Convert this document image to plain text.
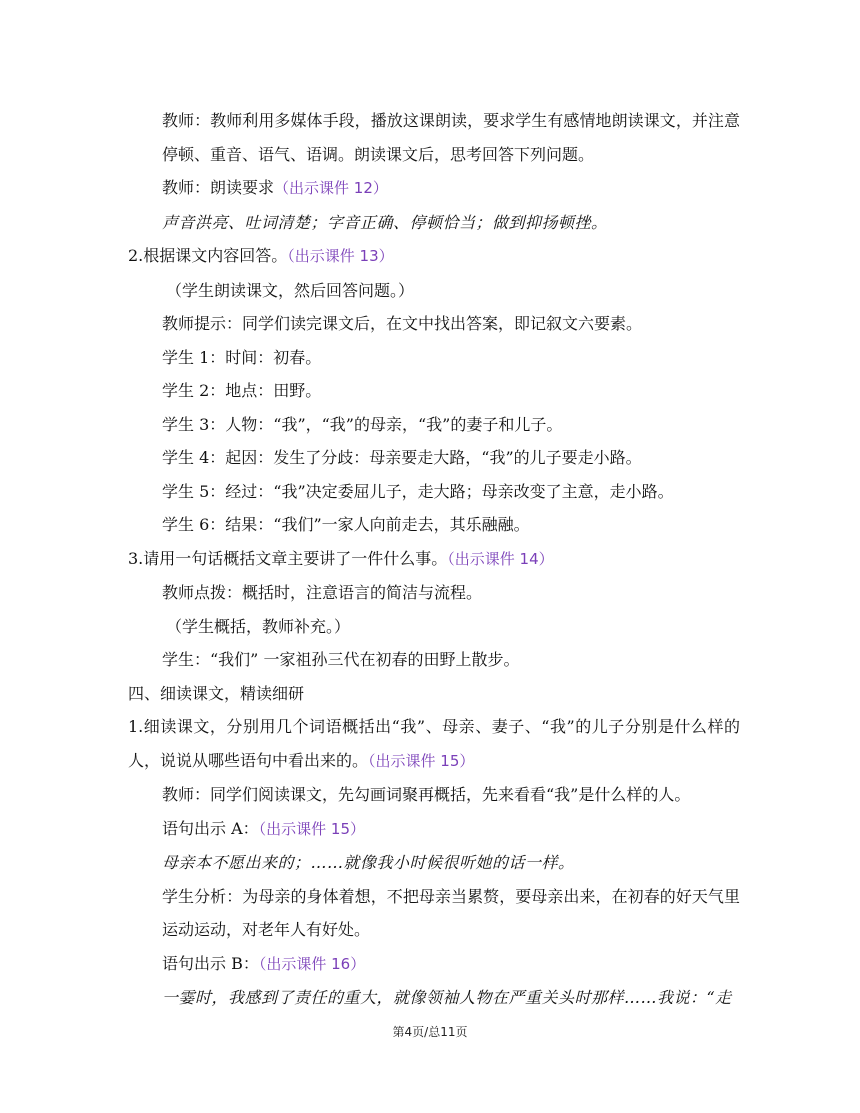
教师：教师利用多媒体手段，播放这课朗读，要求学生有感情地朗读课文，并注意停顿、重音、语气、语调。朗读课文后，思考回答下列问题。

教师：朗读要求（出示课件 12）

声音洪亮、吐词清楚；字音正确、停顿恰当；做到抑扬顿挫。

2.根据课文内容回答。（出示课件 13）

（学生朗读课文，然后回答问题。）

教师提示：同学们读完课文后，在文中找出答案，即记叙文六要素。

学生 1：时间：初春。

学生 2：地点：田野。

学生 3：人物：“我”，“我”的母亲，“我”的妻子和儿子。

学生 4：起因：发生了分歧：母亲要走大路，“我”的儿子要走小路。

学生 5：经过：“我”决定委屈儿子，走大路；母亲改变了主意，走小路。

学生 6：结果：“我们”一家人向前走去，其乐融融。

3.请用一句话概括文章主要讲了一件什么事。（出示课件 14）

教师点拨：概括时，注意语言的简洁与流程。

（学生概括，教师补充。）

学生：“我们” 一家祖孙三代在初春的田野上散步。

四、细读课文，精读细研

1.细读课文，分别用几个词语概括出“我”、母亲、妻子、“我”的儿子分别是什么样的人，说说从哪些语句中看出来的。（出示课件 15）

教师：同学们阅读课文，先勾画词聚再概括，先来看看“我”是什么样的人。

语句出示 A：（出示课件 15）

母亲本不愿出来的；……就像我小时候很听她的话一样。

学生分析：为母亲的身体着想，不把母亲当累赘，要母亲出来，在初春的好天气里运动运动，对老年人有好处。

语句出示 B：（出示课件 16）

一霎时，我感到了责任的重大，就像领袖人物在严重关头时那样……我说：“走

第4页/总11页
